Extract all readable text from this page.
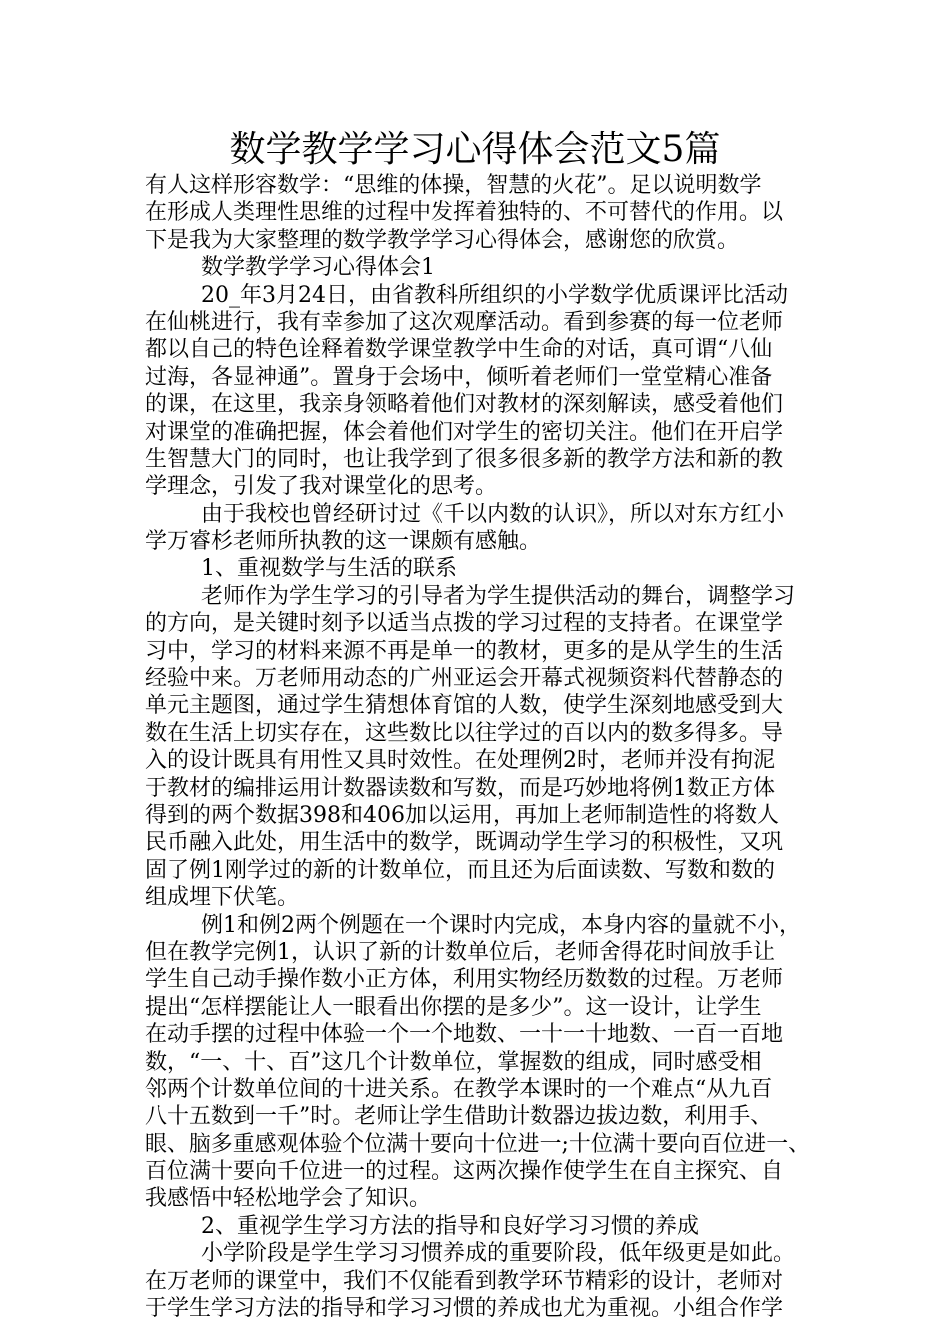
数学教学学习心得体会范文5篇
有人这样形容数学：“思维的体操，智慧的火花”。足以说明数学
在形成人类理性思维的过程中发挥着独特的、不可替代的作用。以
下是我为大家整理的数学教学学习心得体会，感谢您的欣赏。
数学教学学习心得体会1
20_年3月24日，由省教科所组织的小学数学优质课评比活动
在仙桃进行，我有幸参加了这次观摩活动。看到参赛的每一位老师
都以自己的特色诠释着数学课堂教学中生命的对话，真可谓“八仙
过海，各显神通”。置身于会场中，倾听着老师们一堂堂精心准备
的课，在这里，我亲身领略着他们对教材的深刻解读，感受着他们
对课堂的准确把握，体会着他们对学生的密切关注。他们在开启学
生智慧大门的同时，也让我学到了很多很多新的教学方法和新的教
学理念，引发了我对课堂化的思考。
由于我校也曾经研讨过《千以内数的认识》，所以对东方红小
学万睿杉老师所执教的这一课颇有感触。
1、重视数学与生活的联系
老师作为学生学习的引导者为学生提供活动的舞台，调整学习
的方向，是关键时刻予以适当点拨的学习过程的支持者。在课堂学
习中，学习的材料来源不再是单一的教材，更多的是从学生的生活
经验中来。万老师用动态的广州亚运会开幕式视频资料代替静态的
单元主题图，通过学生猜想体育馆的人数，使学生深刻地感受到大
数在生活上切实存在，这些数比以往学过的百以内的数多得多。导
入的设计既具有用性又具时效性。在处理例2时，老师并没有拘泥
于教材的编排运用计数器读数和写数，而是巧妙地将例1数正方体
得到的两个数据398和406加以运用，再加上老师制造性的将数人
民币融入此处，用生活中的数学，既调动学生学习的积极性，又巩
固了例1刚学过的新的计数单位，而且还为后面读数、写数和数的
组成埋下伏笔。
例1和例2两个例题在一个课时内完成，本身内容的量就不小，
但在教学完例1，认识了新的计数单位后，老师舍得花时间放手让
学生自己动手操作数小正方体，利用实物经历数数的过程。万老师
提出“怎样摆能让人一眼看出你摆的是多少”。这一设计，让学生
在动手摆的过程中体验一个一个地数、一十一十地数、一百一百地
数，“一、十、百”这几个计数单位，掌握数的组成，同时感受相
邻两个计数单位间的十进关系。在教学本课时的一个难点“从九百
八十五数到一千”时。老师让学生借助计数器边拔边数，利用手、
眼、脑多重感观体验个位满十要向十位进一;十位满十要向百位进一、
百位满十要向千位进一的过程。这两次操作使学生在自主探究、自
我感悟中轻松地学会了知识。
2、重视学生学习方法的指导和良好学习习惯的养成
小学阶段是学生学习习惯养成的重要阶段，低年级更是如此。
在万老师的课堂中，我们不仅能看到教学环节精彩的设计，老师对
于学生学习方法的指导和学习习惯的养成也尤为重视。小组合作学
